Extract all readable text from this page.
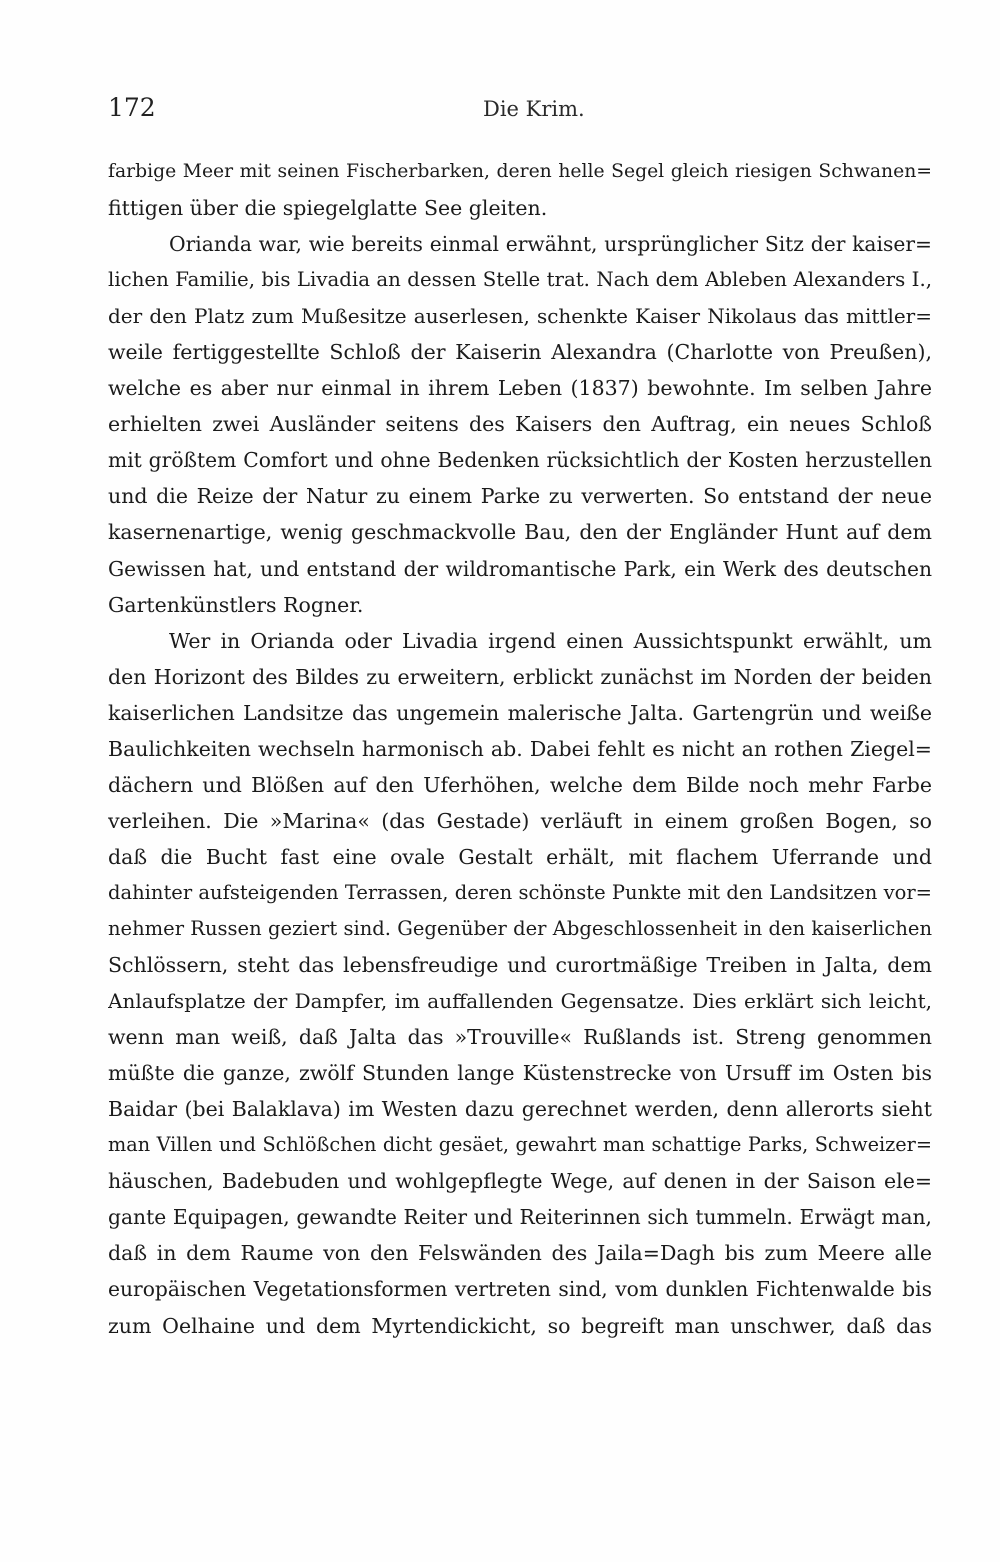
172	Die Krim.
farbige Meer mit seinen Fischerbarken, deren helle Segel gleich riesigen Schwanen=
fittigen über die spiegelglatte See gleiten.
Orianda war, wie bereits einmal erwähnt, ursprünglicher Sitz der kaiser=
lichen Familie, bis Livadia an dessen Stelle trat. Nach dem Ableben Alexanders I.,
der den Platz zum Mußesitze auserlesen, schenkte Kaiser Nikolaus das mittler=
weile fertiggestellte Schloß der Kaiserin Alexandra (Charlotte von Preußen),
welche es aber nur einmal in ihrem Leben (1837) bewohnte. Im selben Jahre
erhielten zwei Ausländer seitens des Kaisers den Auftrag, ein neues Schloß
mit größtem Comfort und ohne Bedenken rücksichtlich der Kosten herzustellen
und die Reize der Natur zu einem Parke zu verwerten. So entstand der neue
kasernenartige, wenig geschmackvolle Bau, den der Engländer Hunt auf dem
Gewissen hat, und entstand der wildromantische Park, ein Werk des deutschen
Gartenkünstlers Rogner.
Wer in Orianda oder Livadia irgend einen Aussichtspunkt erwählt, um
den Horizont des Bildes zu erweitern, erblickt zunächst im Norden der beiden
kaiserlichen Landsitze das ungemein malerische Jalta. Gartengrün und weiße
Baulichkeiten wechseln harmonisch ab. Dabei fehlt es nicht an rothen Ziegel=
dächern und Blößen auf den Uferhöhen, welche dem Bilde noch mehr Farbe
verleihen. Die »Marina« (das Gestade) verläuft in einem großen Bogen, so
daß die Bucht fast eine ovale Gestalt erhält, mit flachem Uferrande und
dahinter aufsteigenden Terrassen, deren schönste Punkte mit den Landsitzen vor=
nehmer Russen geziert sind. Gegenüber der Abgeschlossenheit in den kaiserlichen
Schlössern, steht das lebensfreudige und curortmäßige Treiben in Jalta, dem
Anlaufsplatze der Dampfer, im auffallenden Gegensatze. Dies erklärt sich leicht,
wenn man weiß, daß Jalta das »Trouville« Rußlands ist. Streng genommen
müßte die ganze, zwölf Stunden lange Küstenstrecke von Ursuff im Osten bis
Baidar (bei Balaklava) im Westen dazu gerechnet werden, denn allerorts sieht
man Villen und Schlößchen dicht gesäet, gewahrt man schattige Parks, Schweizer=
häuschen, Badebuden und wohlgepflegte Wege, auf denen in der Saison ele=
gante Equipagen, gewandte Reiter und Reiterinnen sich tummeln. Erwägt man,
daß in dem Raume von den Felswänden des Jaila=Dagh bis zum Meere alle
europäischen Vegetationsformen vertreten sind, vom dunklen Fichtenwalde bis
zum Oelhaine und dem Myrtendickicht, so begreift man unschwer, daß das
